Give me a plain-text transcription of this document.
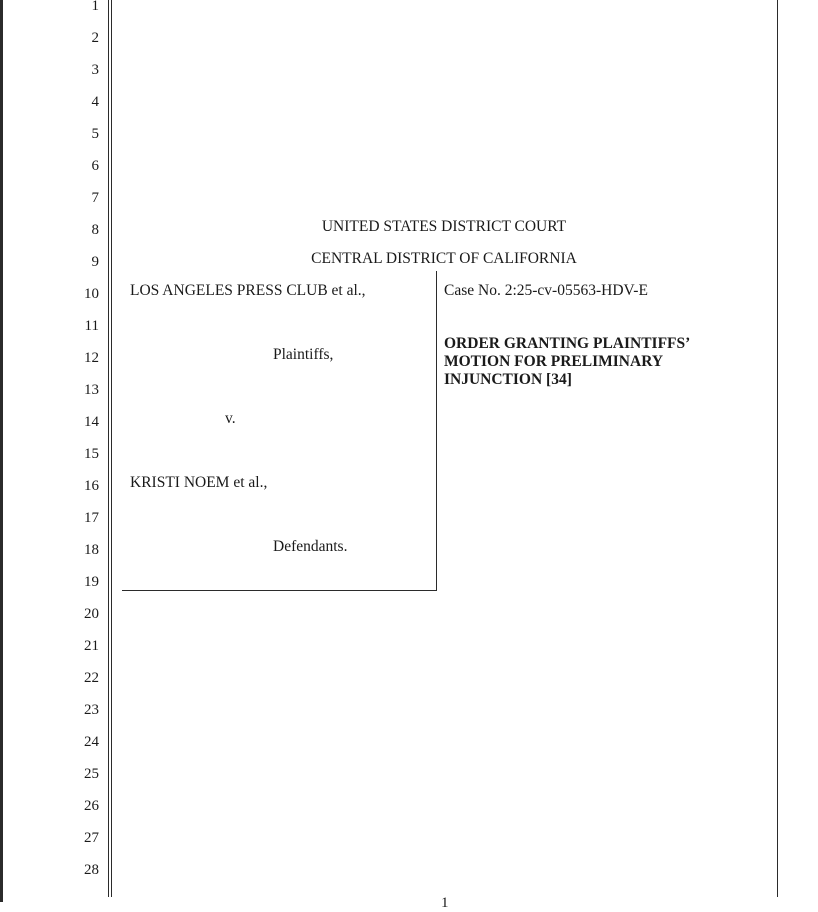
1
2
3
4
5
6
7
8
9
10
11
12
13
14
15
16
17
18
19
20
21
22
23
24
25
26
27
28
UNITED STATES DISTRICT COURT
CENTRAL DISTRICT OF CALIFORNIA
LOS ANGELES PRESS CLUB et al.,
Plaintiffs,
v.
KRISTI NOEM et al.,
Defendants.
Case No. 2:25-cv-05563-HDV-E
ORDER GRANTING PLAINTIFFS’
MOTION FOR PRELIMINARY
INJUNCTION [34]
1
